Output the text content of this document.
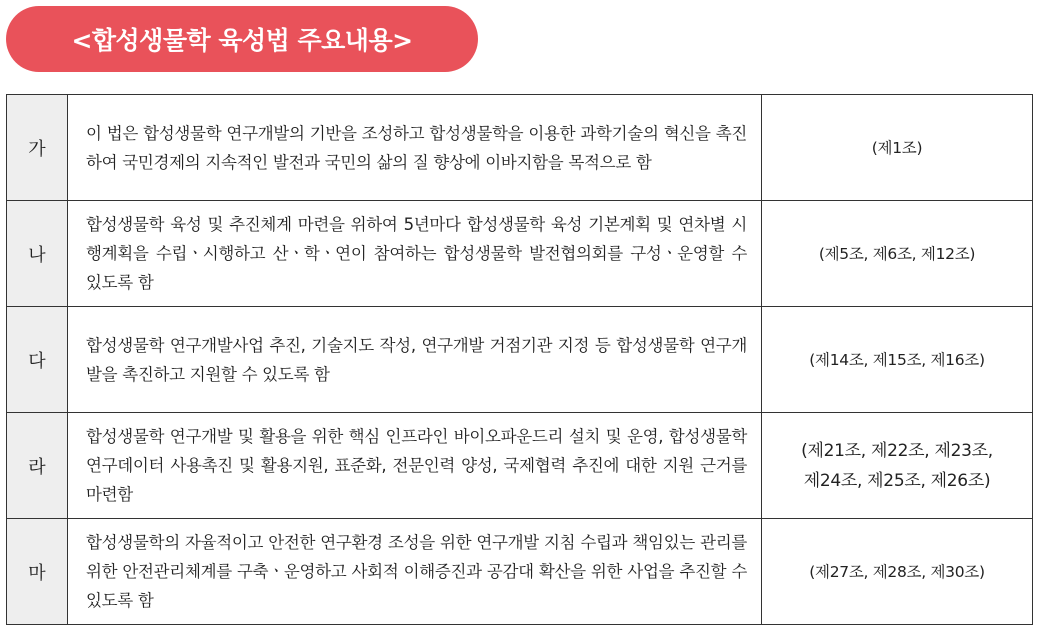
<합성생물학 육성법 주요내용>
가	이 법은 합성생물학 연구개발의 기반을 조성하고 합성생물학을 이용한 과학기술의 혁신을 촉진하여 국민경제의 지속적인 발전과 국민의 삶의 질 향상에 이바지함을 목적으로 함	(제1조)

나	합성생물학 육성 및 추진체계 마련을 위하여 5년마다 합성생물학 육성 기본계획 및 연차별 시행계획을 수립ㆍ시행하고 산ㆍ학ㆍ연이 참여하는 합성생물학 발전협의회를 구성ㆍ운영할 수 있도록 함	(제5조, 제6조, 제12조)

다	합성생물학 연구개발사업 추진, 기술지도 작성, 연구개발 거점기관 지정 등 합성생물학 연구개발을 촉진하고 지원할 수 있도록 함	(제14조, 제15조, 제16조)

라	합성생물학 연구개발 및 활용을 위한 핵심 인프라인 바이오파운드리 설치 및 운영, 합성생물학 연구데이터 사용촉진 및 활용지원, 표준화, 전문인력 양성, 국제협력 추진에 대한 지원 근거를 마련함	(제21조, 제22조, 제23조,
제24조, 제25조, 제26조)

마	합성생물학의 자율적이고 안전한 연구환경 조성을 위한 연구개발 지침 수립과 책임있는 관리를 위한 안전관리체계를 구축ㆍ운영하고 사회적 이해증진과 공감대 확산을 위한 사업을 추진할 수 있도록 함	(제27조, 제28조, 제30조)
